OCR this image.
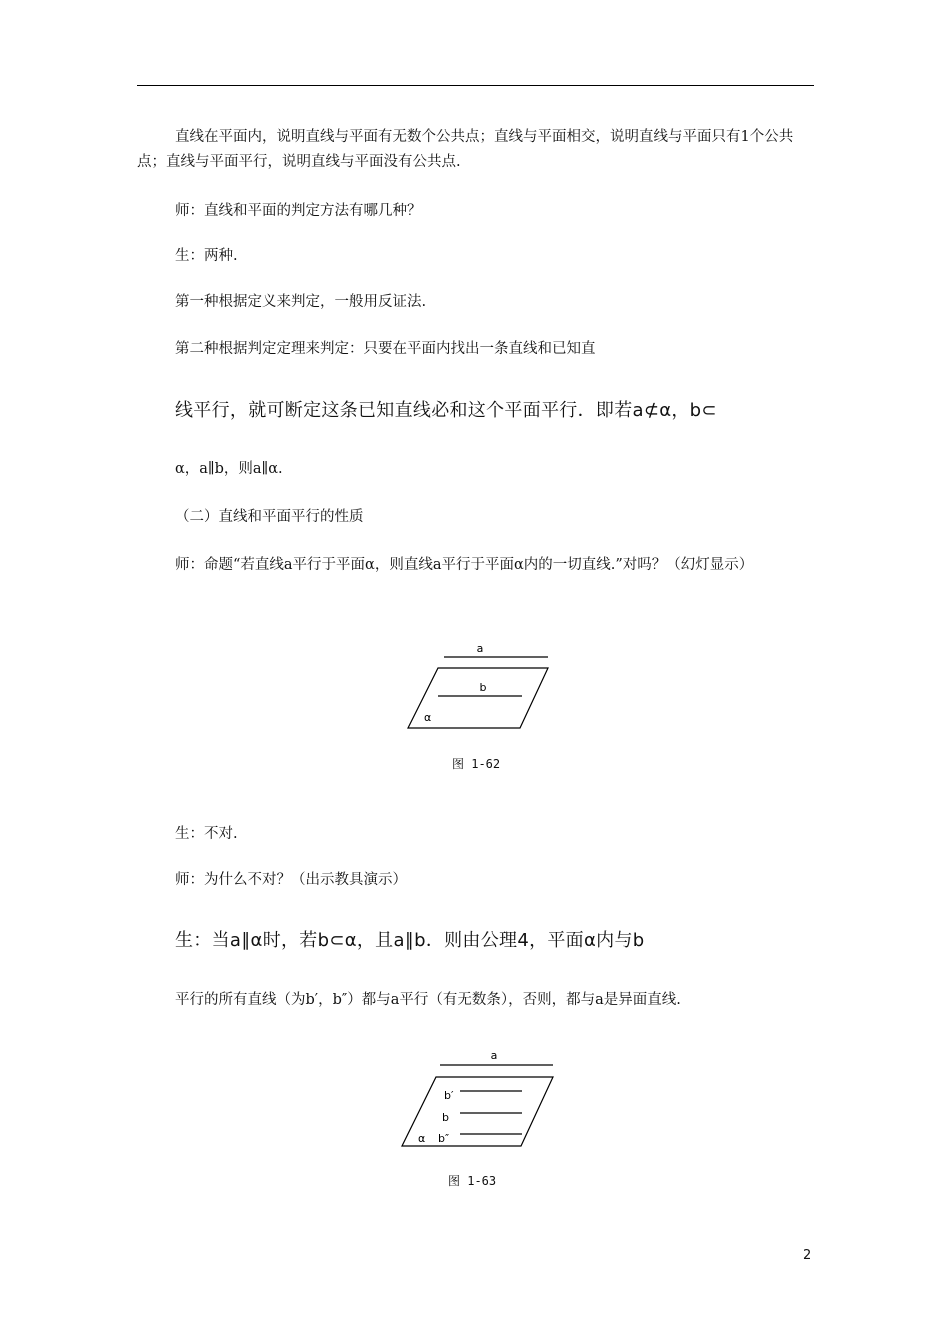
直线在平面内，说明直线与平面有无数个公共点；直线与平面相交，说明直线与平面只有1个公共点；直线与平面平行，说明直线与平面没有公共点.
师：直线和平面的判定方法有哪几种？
生：两种.
第一种根据定义来判定，一般用反证法.
第二种根据判定定理来判定：只要在平面内找出一条直线和已知直
线平行，就可断定这条已知直线必和这个平面平行．即若a⊄α，b⊂
α，a∥b，则a∥α.
（二）直线和平面平行的性质
师：命题“若直线a平行于平面α，则直线a平行于平面α内的一切直线.”对吗？（幻灯显示）
a
b
α
图 1-62
生：不对.
师：为什么不对？（出示教具演示）
生：当a∥α时，若b⊂α，且a∥b．则由公理4，平面α内与b
平行的所有直线（为b′，b″）都与a平行（有无数条），否则，都与a是异面直线.
a
b′
b
α b″
图 1-63
2
